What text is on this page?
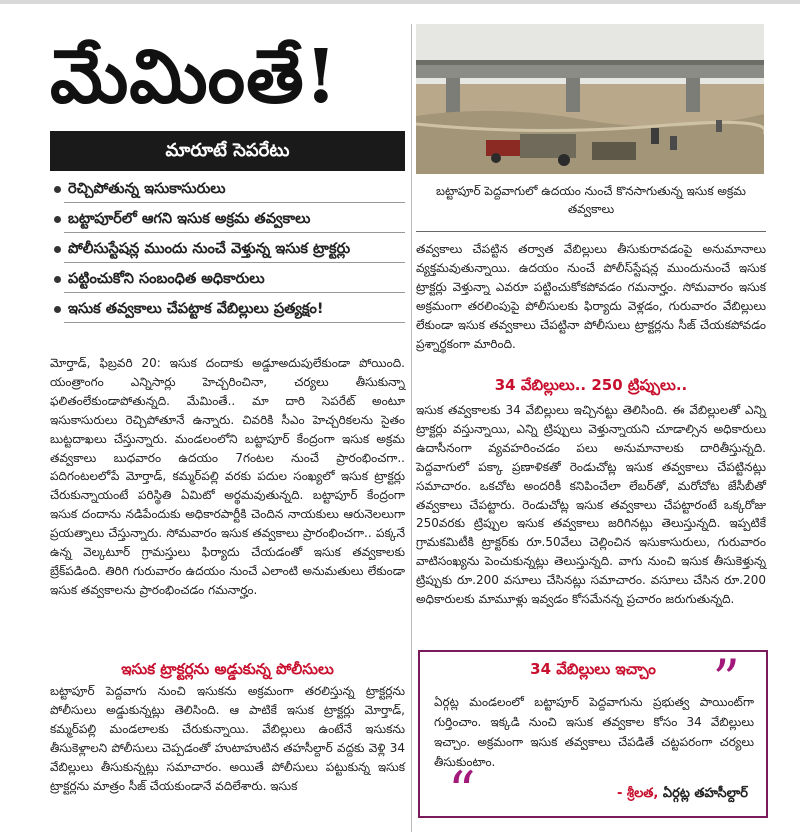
మేమింతే!
మారూటే సెపరేటు
రెచ్చిపోతున్న ఇసుకాసురులు
బట్టాపూర్‌లో ఆగని ఇసుక అక్రమ తవ్వకాలు
పోలీసుస్టేషన్ల ముందు నుంచే వెళ్తున్న ఇసుక ట్రాక్టర్లు
పట్టించుకోని సంబంధిత అధికారులు
ఇసుక తవ్వకాలు చేపట్టాక వేబిల్లులు ప్రత్యక్షం!
బట్టాపూర్ పెద్దవాగులో ఉదయం నుంచే కొనసాగుతున్న ఇసుక అక్రమ తవ్వకాలు

మోర్తాడ్, ఫిబ్రవరి 20: ఇసుక దందాకు అడ్డూఅదుపులేకుండా పోయింది. యంత్రాంగం ఎన్నిసార్లు హెచ్చరించినా, చర్యలు తీసుకున్నా ఫలితంలేకుండాపోతున్నది. మేమింతే.. మా దారి సెపరేట్ అంటూ ఇసుకాసురులు రెచ్చిపోతూనే ఉన్నారు. చివరికి సీఎం హెచ్చరికలను సైతం బుట్టదాఖలు చేస్తున్నారు. మండలంలోని బట్టాపూర్ కేంద్రంగా ఇసుక అక్రమ తవ్వకాలు బుధవారం ఉదయం 7గంటల నుంచే ప్రారంభించగా.. పదిగంటలలోపే మోర్తాడ్, కమ్మర్‌పల్లి వరకు పదుల సంఖ్యలో ఇసుక ట్రాక్టర్లు చేరుకున్నాయంటే పరిస్థితి ఏమిటో అర్థమవుతున్నది. బట్టాపూర్ కేంద్రంగా ఇసుక దందాను నడిపేందుకు అధికారపార్టీకి చెందిన నాయకులు ఆరునెలలుగా ప్రయత్నాలు చేస్తున్నారు. సోమవారం ఇసుక తవ్వకాలు ప్రారంభించగా.. పక్కనే ఉన్న వెల్కటూర్ గ్రామస్తులు ఫిర్యాదు చేయడంతో ఇసుక తవ్వకాలకు బ్రేక్‌పడింది. తిరిగి గురువారం ఉదయం నుంచే ఎలాంటి అనుమతులు లేకుండా ఇసుక తవ్వకాలను ప్రారంభించడం గమనార్హం.

ఇసుక ట్రాక్టర్లను అడ్డుకున్న పోలీసులు

బట్టాపూర్ పెద్దవాగు నుంచి ఇసుకను అక్రమంగా తరలిస్తున్న ట్రాక్టర్లను పోలీసులు అడ్డుకున్నట్లు తెలిసింది. ఆ పాటికే ఇసుక ట్రాక్టర్లు మోర్తాడ్, కమ్మర్‌పల్లి మండలాలకు చేరుకున్నాయి. వేబిల్లులు ఉంటేనే ఇసుకను తీసుకెళ్లాలని పోలీసులు చెప్పడంతో హుటాహుటిన తహసీల్దార్ వద్దకు వెళ్లి 34 వేబిల్లులు తీసుకున్నట్లు సమాచారం. అయితే పోలీసులు పట్టుకున్న ఇసుక ట్రాక్టర్లను మాత్రం సీజ్ చేయకుండానే వదిలేశారు. ఇసుక

తవ్వకాలు చేపట్టిన తర్వాత వేబిల్లులు తీసుకురావడంపై అనుమానాలు వ్యక్తమవుతున్నాయి. ఉదయం నుంచే పోలీస్‌స్టేషన్ల ముందునుంచే ఇసుక ట్రాక్టర్లు వెళ్తున్నా ఎవరూ పట్టించుకోకపోవడం గమనార్హం. సోమవారం ఇసుక అక్రమంగా తరలింపుపై పోలీసులకు ఫిర్యాదు వెళ్లడం, గురువారం వేబిల్లులు లేకుండా ఇసుక తవ్వకాలు చేపట్టినా పోలీసులు ట్రాక్టర్లను సీజ్ చేయకపోవడం ప్రశ్నార్థకంగా మారింది.

34 వేబిల్లులు.. 250 ట్రిప్పులు..

ఇసుక తవ్వకాలకు 34 వేబిల్లులు ఇచ్చినట్టు తెలిసింది. ఈ వేబిల్లులతో ఎన్ని ట్రాక్టర్లు వస్తున్నాయి, ఎన్ని ట్రిప్పులు వెళ్తున్నాయని చూడాల్సిన అధికారులు ఉదాసీనంగా వ్యవహరించడం పలు అనుమానాలకు దారితీస్తున్నది. పెద్దవాగులో పక్కా ప్రణాళికతో రెండుచోట్ల ఇసుక తవ్వకాలు చేపట్టినట్లు సమాచారం. ఒకచోట అందరికీ కనిపించేలా లేబర్‌తో, మరోచోట జేసీబీతో తవ్వకాలు చేపట్టారు. రెండుచోట్ల ఇసుక తవ్వకాలు చేపట్టారంటే ఒక్కరోజు 250వరకు ట్రిప్పుల ఇసుక తవ్వకాలు జరిగినట్లు తెలుస్తున్నది. ఇప్పటికే గ్రామకమిటీకి ట్రాక్టర్‌కు రూ.50వేలు చెల్లించిన ఇసుకాసురులు, గురువారం వాటిసంఖ్యను పెంచుకున్నట్లు తెలుస్తున్నది. వాగు నుంచి ఇసుక తీసుకెళ్తున్న ట్రిప్పుకు రూ.200 వసూలు చేసినట్లు సమాచారం. వసూలు చేసిన రూ.200 అధికారులకు మామూళ్లు ఇవ్వడం కోసమేనన్న ప్రచారం జరుగుతున్నది.

34 వేబిల్లులు ఇచ్చాం	”
ఏర్గట్ల మండలంలో బట్టాపూర్ పెద్దవాగును ప్రభుత్వ పాయింట్‌గా గుర్తించాం. ఇక్కడి నుంచి ఇసుక తవ్వకాల కోసం 34 వేబిల్లులు ఇచ్చాం. అక్రమంగా ఇసుక తవ్వకాలు చేపడితే చట్టపరంగా చర్యలు తీసుకుంటాం.
“	- శ్రీలత, ఏర్గట్ల తహసీల్దార్
